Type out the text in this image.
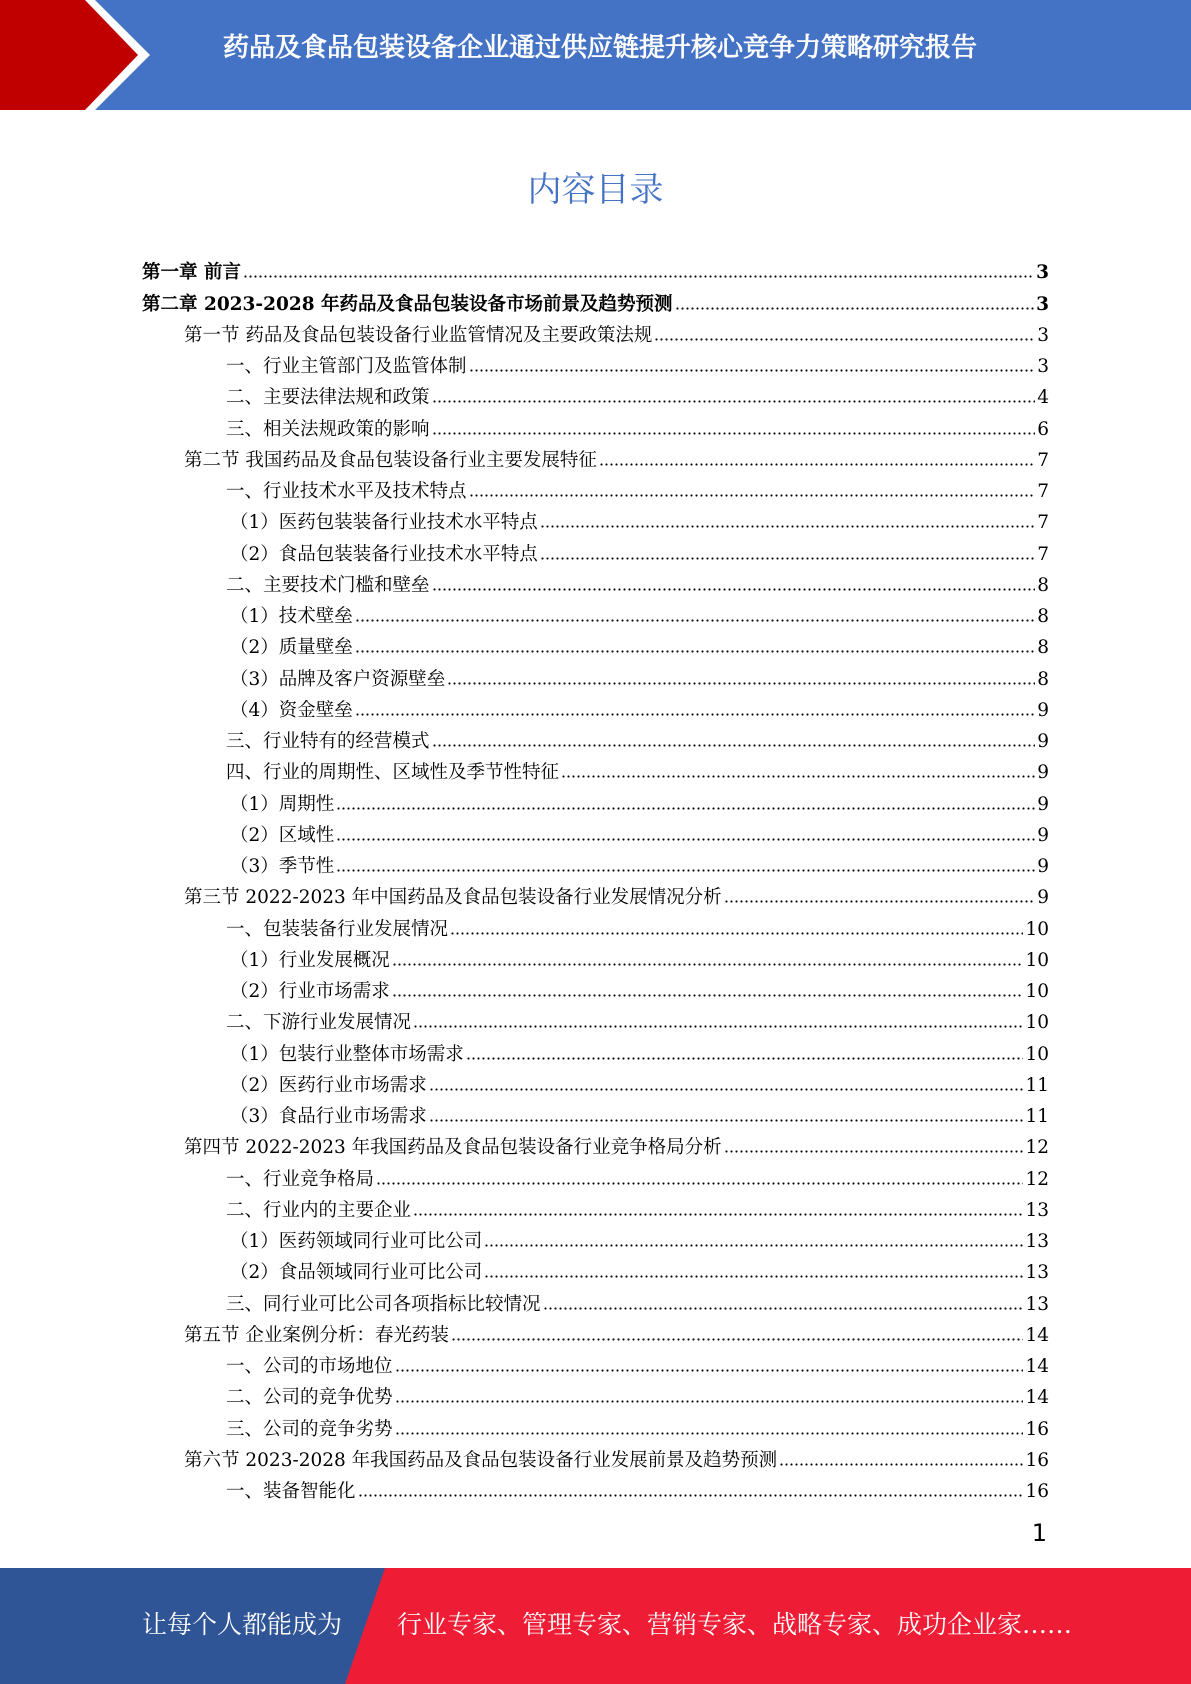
药品及食品包装设备企业通过供应链提升核心竞争力策略研究报告
内容目录
第一章 前言	3
第二章 2023-2028 年药品及食品包装设备市场前景及趋势预测	3
第一节 药品及食品包装设备行业监管情况及主要政策法规	3
一、行业主管部门及监管体制	3
二、主要法律法规和政策	4
三、相关法规政策的影响	6
第二节 我国药品及食品包装设备行业主要发展特征	7
一、行业技术水平及技术特点	7
（1）医药包装装备行业技术水平特点	7
（2）食品包装装备行业技术水平特点	7
二、主要技术门槛和壁垒	8
（1）技术壁垒	8
（2）质量壁垒	8
（3）品牌及客户资源壁垒	8
（4）资金壁垒	9
三、行业特有的经营模式	9
四、行业的周期性、区域性及季节性特征	9
（1）周期性	9
（2）区域性	9
（3）季节性	9
第三节 2022-2023 年中国药品及食品包装设备行业发展情况分析	9
一、包装装备行业发展情况	10
（1）行业发展概况	10
（2）行业市场需求	10
二、下游行业发展情况	10
（1）包装行业整体市场需求	10
（2）医药行业市场需求	11
（3）食品行业市场需求	11
第四节 2022-2023 年我国药品及食品包装设备行业竞争格局分析	12
一、行业竞争格局	12
二、行业内的主要企业	13
（1）医药领域同行业可比公司	13
（2）食品领域同行业可比公司	13
三、同行业可比公司各项指标比较情况	13
第五节 企业案例分析：春光药装	14
一、公司的市场地位	14
二、公司的竞争优势	14
三、公司的竞争劣势	16
第六节 2023-2028 年我国药品及食品包装设备行业发展前景及趋势预测	16
一、装备智能化	16
1
让每个人都能成为 行业专家、管理专家、营销专家、战略专家、成功企业家……
